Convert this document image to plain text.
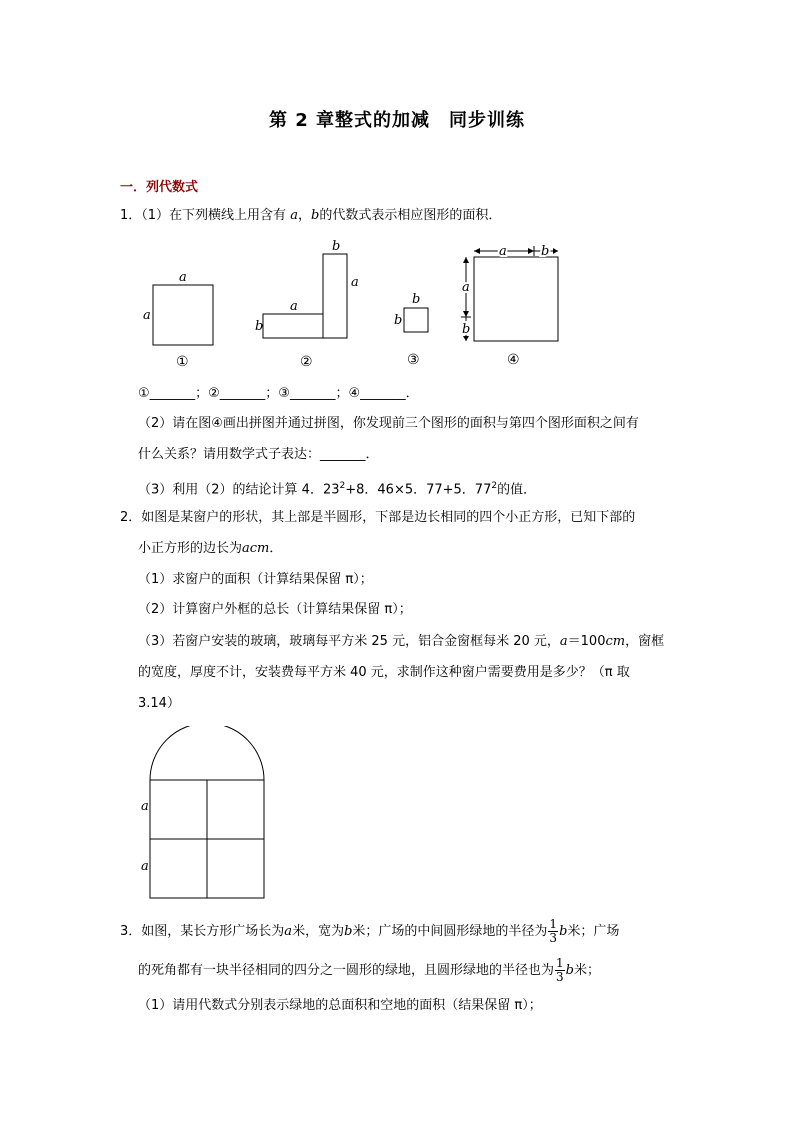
第 2 章整式的加减　同步训练
一．列代数式
1．（1）在下列横线上用含有 a，b的代数式表示相应图形的面积．
a
a
①
a
b
b
a
②
b
b
③
a	b
a
b
④
①_______；②_______；③_______；④_______．
（2）请在图④画出拼图并通过拼图，你发现前三个图形的面积与第四个图形面积之间有
什么关系？请用数学式子表达：_______．
（3）利用（2）的结论计算 4．$23^2+8$．46×5．77+5．$77^2$的值．
2．如图是某窗户的形状，其上部是半圆形，下部是边长相同的四个小正方形，已知下部的
小正方形的边长为acm．
（1）求窗户的面积（计算结果保留 π）；
（2）计算窗户外框的总长（计算结果保留 π）；
（3）若窗户安装的玻璃，玻璃每平方米 25 元，铝合金窗框每米 20 元，a＝100cm，窗框
的宽度，厚度不计，安装费每平方米 40 元，求制作这种窗户需要费用是多少？（π 取
3.14）
a
a
3．如图，某长方形广场长为a米，宽为b米；广场的中间圆形绿地的半径为 $\frac{1}{3}$ b米；广场
的死角都有一块半径相同的四分之一圆形的绿地，且圆形绿地的半径也为 $\frac{1}{3}$ b米；
（1）请用代数式分别表示绿地的总面积和空地的面积（结果保留 π）；
